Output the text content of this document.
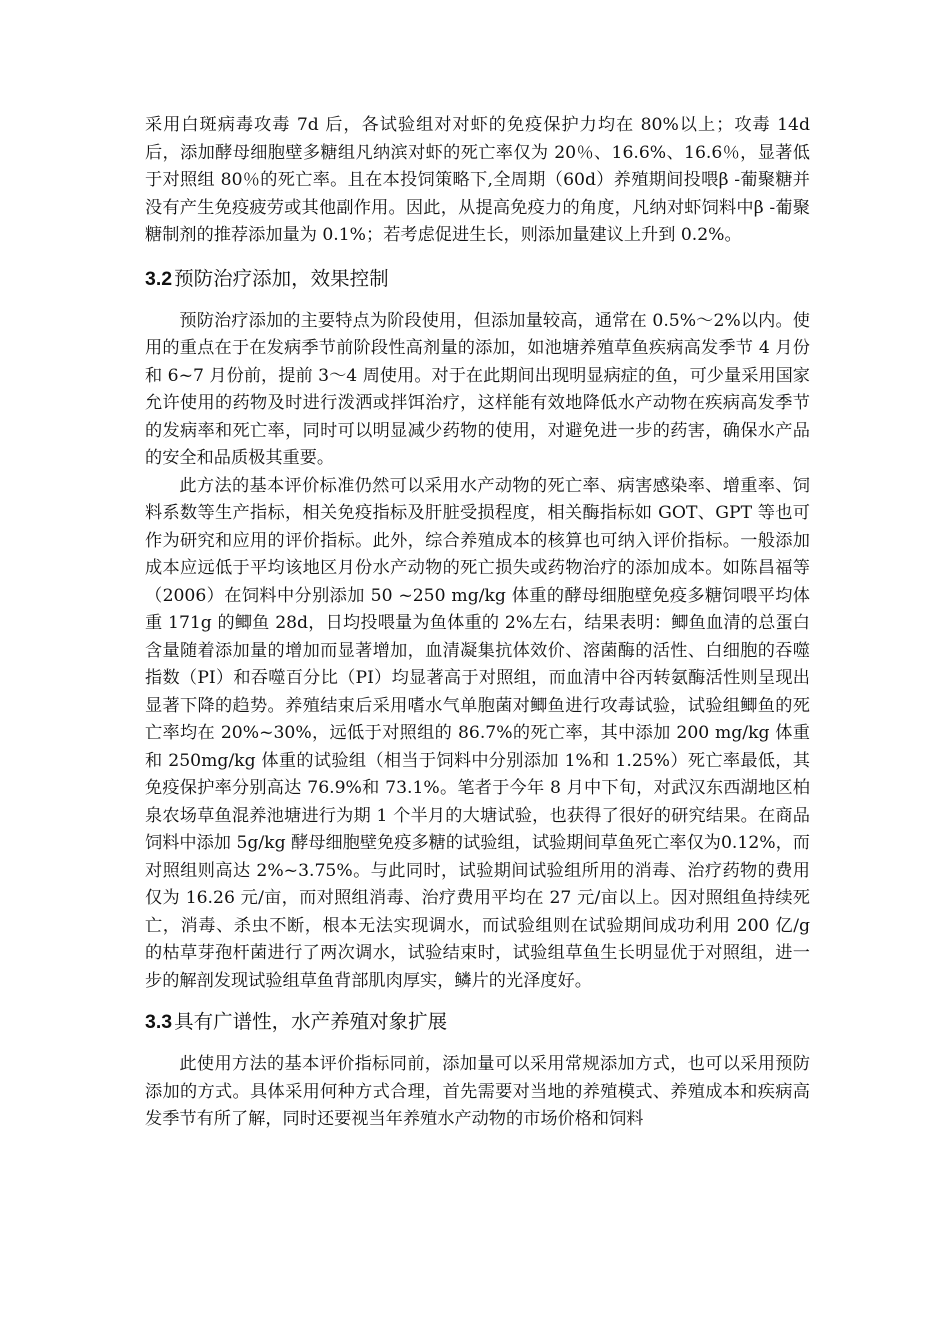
采用白斑病毒攻毒 7d 后，各试验组对对虾的免疫保护力均在 80%以上；攻毒 14d 后，添加酵母细胞壁多糖组凡纳滨对虾的死亡率仅为 20％、16.6%、16.6％，显著低于对照组 80％的死亡率。且在本投饲策略下,全周期（60d）养殖期间投喂β -葡聚糖并没有产生免疫疲劳或其他副作用。因此，从提高免疫力的角度，凡纳对虾饲料中β -葡聚糖制剂的推荐添加量为 0.1%；若考虑促进生长，则添加量建议上升到 0.2%。

3.2 预防治疗添加，效果控制

预防治疗添加的主要特点为阶段使用，但添加量较高，通常在 0.5%～2%以内。使用的重点在于在发病季节前阶段性高剂量的添加，如池塘养殖草鱼疾病高发季节 4 月份和 6~7 月份前，提前 3～4 周使用。对于在此期间出现明显病症的鱼，可少量采用国家允许使用的药物及时进行泼洒或拌饵治疗，这样能有效地降低水产动物在疾病高发季节的发病率和死亡率，同时可以明显减少药物的使用，对避免进一步的药害，确保水产品的安全和品质极其重要。

此方法的基本评价标准仍然可以采用水产动物的死亡率、病害感染率、增重率、饲料系数等生产指标，相关免疫指标及肝脏受损程度，相关酶指标如 GOT、GPT 等也可作为研究和应用的评价指标。此外，综合养殖成本的核算也可纳入评价指标。一般添加成本应远低于平均该地区月份水产动物的死亡损失或药物治疗的添加成本。如陈昌福等（2006）在饲料中分别添加 50 ~250 mg/kg 体重的酵母细胞壁免疫多糖饲喂平均体重 171g 的鲫鱼 28d，日均投喂量为鱼体重的 2%左右，结果表明：鲫鱼血清的总蛋白含量随着添加量的增加而显著增加，血清凝集抗体效价、溶菌酶的活性、白细胞的吞噬指数（PI）和吞噬百分比（PI）均显著高于对照组，而血清中谷丙转氨酶活性则呈现出显著下降的趋势。养殖结束后采用嗜水气单胞菌对鲫鱼进行攻毒试验，试验组鲫鱼的死亡率均在 20%~30%，远低于对照组的 86.7%的死亡率，其中添加 200 mg/kg 体重和 250mg/kg 体重的试验组（相当于饲料中分别添加 1%和 1.25%）死亡率最低，其免疫保护率分别高达 76.9%和 73.1%。笔者于今年 8 月中下旬，对武汉东西湖地区柏泉农场草鱼混养池塘进行为期 1 个半月的大塘试验，也获得了很好的研究结果。在商品饲料中添加 5g/kg 酵母细胞壁免疫多糖的试验组，试验期间草鱼死亡率仅为0.12%，而对照组则高达 2%~3.75%。与此同时，试验期间试验组所用的消毒、治疗药物的费用仅为 16.26 元/亩，而对照组消毒、治疗费用平均在 27 元/亩以上。因对照组鱼持续死亡，消毒、杀虫不断，根本无法实现调水，而试验组则在试验期间成功利用 200 亿/g 的枯草芽孢杆菌进行了两次调水，试验结束时，试验组草鱼生长明显优于对照组，进一步的解剖发现试验组草鱼背部肌肉厚实，鳞片的光泽度好。

3.3 具有广谱性，水产养殖对象扩展

此使用方法的基本评价指标同前，添加量可以采用常规添加方式，也可以采用预防添加的方式。具体采用何种方式合理，首先需要对当地的养殖模式、养殖成本和疾病高发季节有所了解，同时还要视当年养殖水产动物的市场价格和饲料
